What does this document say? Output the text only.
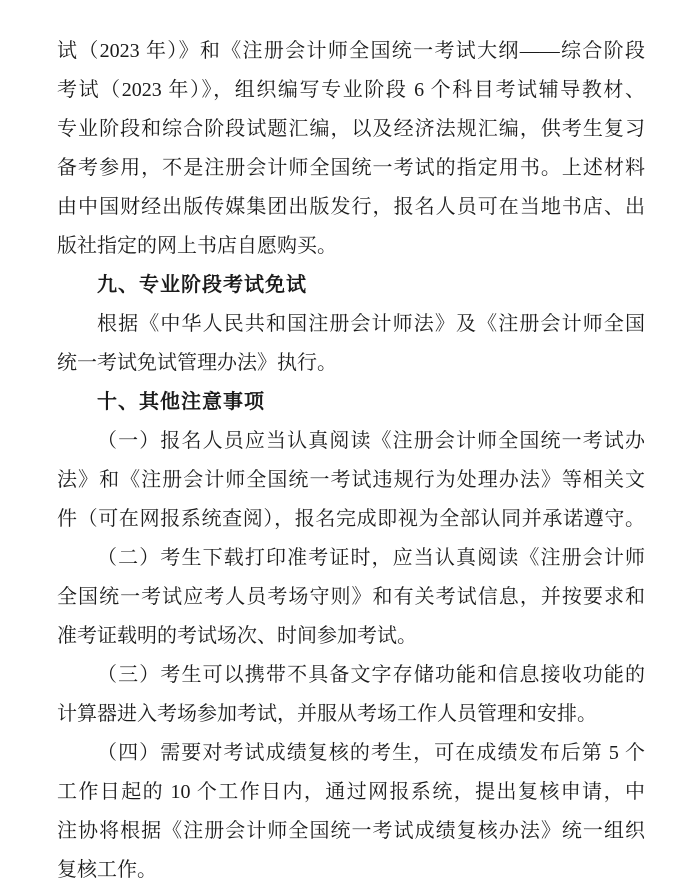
试（2023 年）》和《注册会计师全国统一考试大纲——综合阶段
考试（2023 年）》，组织编写专业阶段 6 个科目考试辅导教材、
专业阶段和综合阶段试题汇编，以及经济法规汇编，供考生复习
备考参用，不是注册会计师全国统一考试的指定用书。上述材料
由中国财经出版传媒集团出版发行，报名人员可在当地书店、出
版社指定的网上书店自愿购买。
九、专业阶段考试免试
根据《中华人民共和国注册会计师法》及《注册会计师全国
统一考试免试管理办法》执行。
十、其他注意事项
（一）报名人员应当认真阅读《注册会计师全国统一考试办
法》和《注册会计师全国统一考试违规行为处理办法》等相关文
件（可在网报系统查阅），报名完成即视为全部认同并承诺遵守。
（二）考生下载打印准考证时，应当认真阅读《注册会计师
全国统一考试应考人员考场守则》和有关考试信息，并按要求和
准考证载明的考试场次、时间参加考试。
（三）考生可以携带不具备文字存储功能和信息接收功能的
计算器进入考场参加考试，并服从考场工作人员管理和安排。
（四）需要对考试成绩复核的考生，可在成绩发布后第 5 个
工作日起的 10 个工作日内，通过网报系统，提出复核申请，中
注协将根据《注册会计师全国统一考试成绩复核办法》统一组织
复核工作。
